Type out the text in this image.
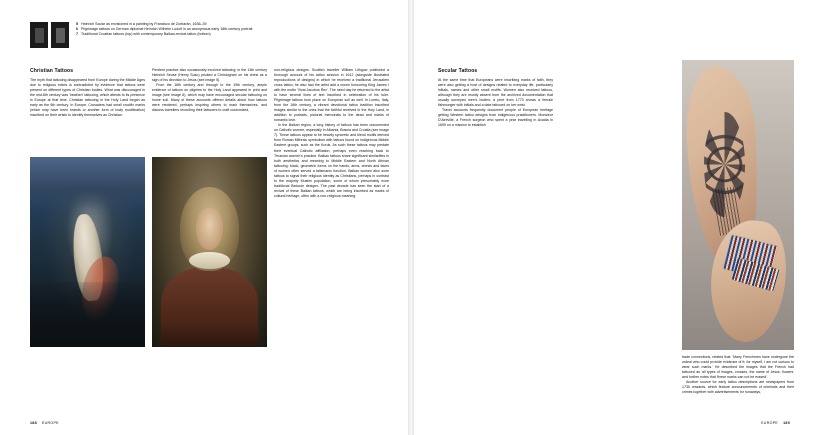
5 Heinrich Scuse as envisioned in a painting by Francisco de Zurbarán, 1636–39
6 Pilgrimage tattoos on German diplomat Heinrich Wilhelm Ludolf in an anonymous early 18th-century portrait
7 Traditional Croatian tattoos (top) with contemporary Balkan-revival tattoo (bottom)
Christian Tattoos

The myth that tattooing disappeared from Europe during the Middle Ages due to religious edicts is contradicted by evidence that tattoos were present on different types of Christian bodies. What was discouraged in the mid-8th century was 'heathen' tattooing, which attests to its presence in Europe at that time. Christian tattooing in the Holy Land began as early as the 6th century. In Europe, Crusaders had small crucifix marks (which may have been brands or another form of body modification) inscribed on their wrists to identify themselves as Christian.

Penitent practice also occasionally involved tattooing; in the 14th century Heinrich Seuse (Henry Suso) pricked a Christogram on his chest as a sign of his devotion to Jesus (see image 5).

From the 16th century and through to the 19th century, ample evidence of tattoos on pilgrims to the Holy Land appeared in print and image (see image 6), which may have encouraged secular tattooing on home soil. Many of these accounts offered details about how tattoos were rendered, perhaps inspiring others to mark themselves, and discuss travellers recruiting their tattooers to craft customized,

non-religious designs. Scottish traveller William Lithgow published a thorough account of his tattoo session in 1612 (alongside illustrated reproductions of designs) in which he received a traditional Jerusalem cross tattoo; he also had the artist add a crown honouring King James I with the motto 'Vivat Jacobus Rex'. The need day he returned to the artist to have several lines of text inscribed in celebration of his ruler. Pilgrimage tattoos took place on European soil as well. In Loreto, Italy, from the 16th century, a vibrant devotional tattoo tradition inscribed images similar to the ones that the faithful received in the Holy Land, in addition to portraits, pictorial memorials to the dead and marks of romantic love.

In the Balkan region, a long history of tattoos has been documented on Catholic women, especially in Albania, Bosnia and Croatia (see image 7). These tattoos appear to be heavily syncretic and blend motifs derived from Roman Mithraic symbolism with tattoos found on indigenous Middle Eastern groups, such as the Kurds. As such these tattoos may predate their eventual Catholic affiliation, perhaps even reaching back to Thracian women's practice. Balkan tattoos share significant similarities in both aesthetics and meaning to Middle Eastern and North African tattooing: black, geometric forms on the hands, arms, chests and faces of women often served a talismanic function. Balkan women also wore tattoos to signal their religious identity as Christians, perhaps in contrast to the majority Muslim population, some of whom presumably wore traditional Bedouin designs. The past decade has seen the start of a revival of these Balkan tattoos, which are being inscribed as marks of cultural heritage, often with a non-religious meaning.

Secular Tattoos

At the same time that Europeans were inscribing marks of faith, they were also getting a host of designs related to everyday life, particularly initials, names and other small motifs. Women also received tattoos, although they are mostly absent from the archived documentation that usually surveyed men's bodies; a print from 1773 shows a female fishmonger with initials and a date tattooed on her wrist.

Travel accounts frequently document people of European heritage getting Western tattoo designs from indigenous practitioners. Monsieur D'Aireville, a French surgeon who spent a year travelling in Acadia in 1699 on a mission to establish

trade connections, related that: 'Many Frenchmen have undergone the ordeal who could provide evidence of it; for myself, I am not curious to wear such marks.' He described the images that the French had tattooed as 'all types of images, crosses, the name of Jesus, flowers' and further notes that 'these marks can not be erased'.

Another source for early tattoo descriptions are newspapers from 1730 onwards, which feature announcements of criminals and their crimes together with advertisements for runaways,

188 EUROPE	EUROPE 189
